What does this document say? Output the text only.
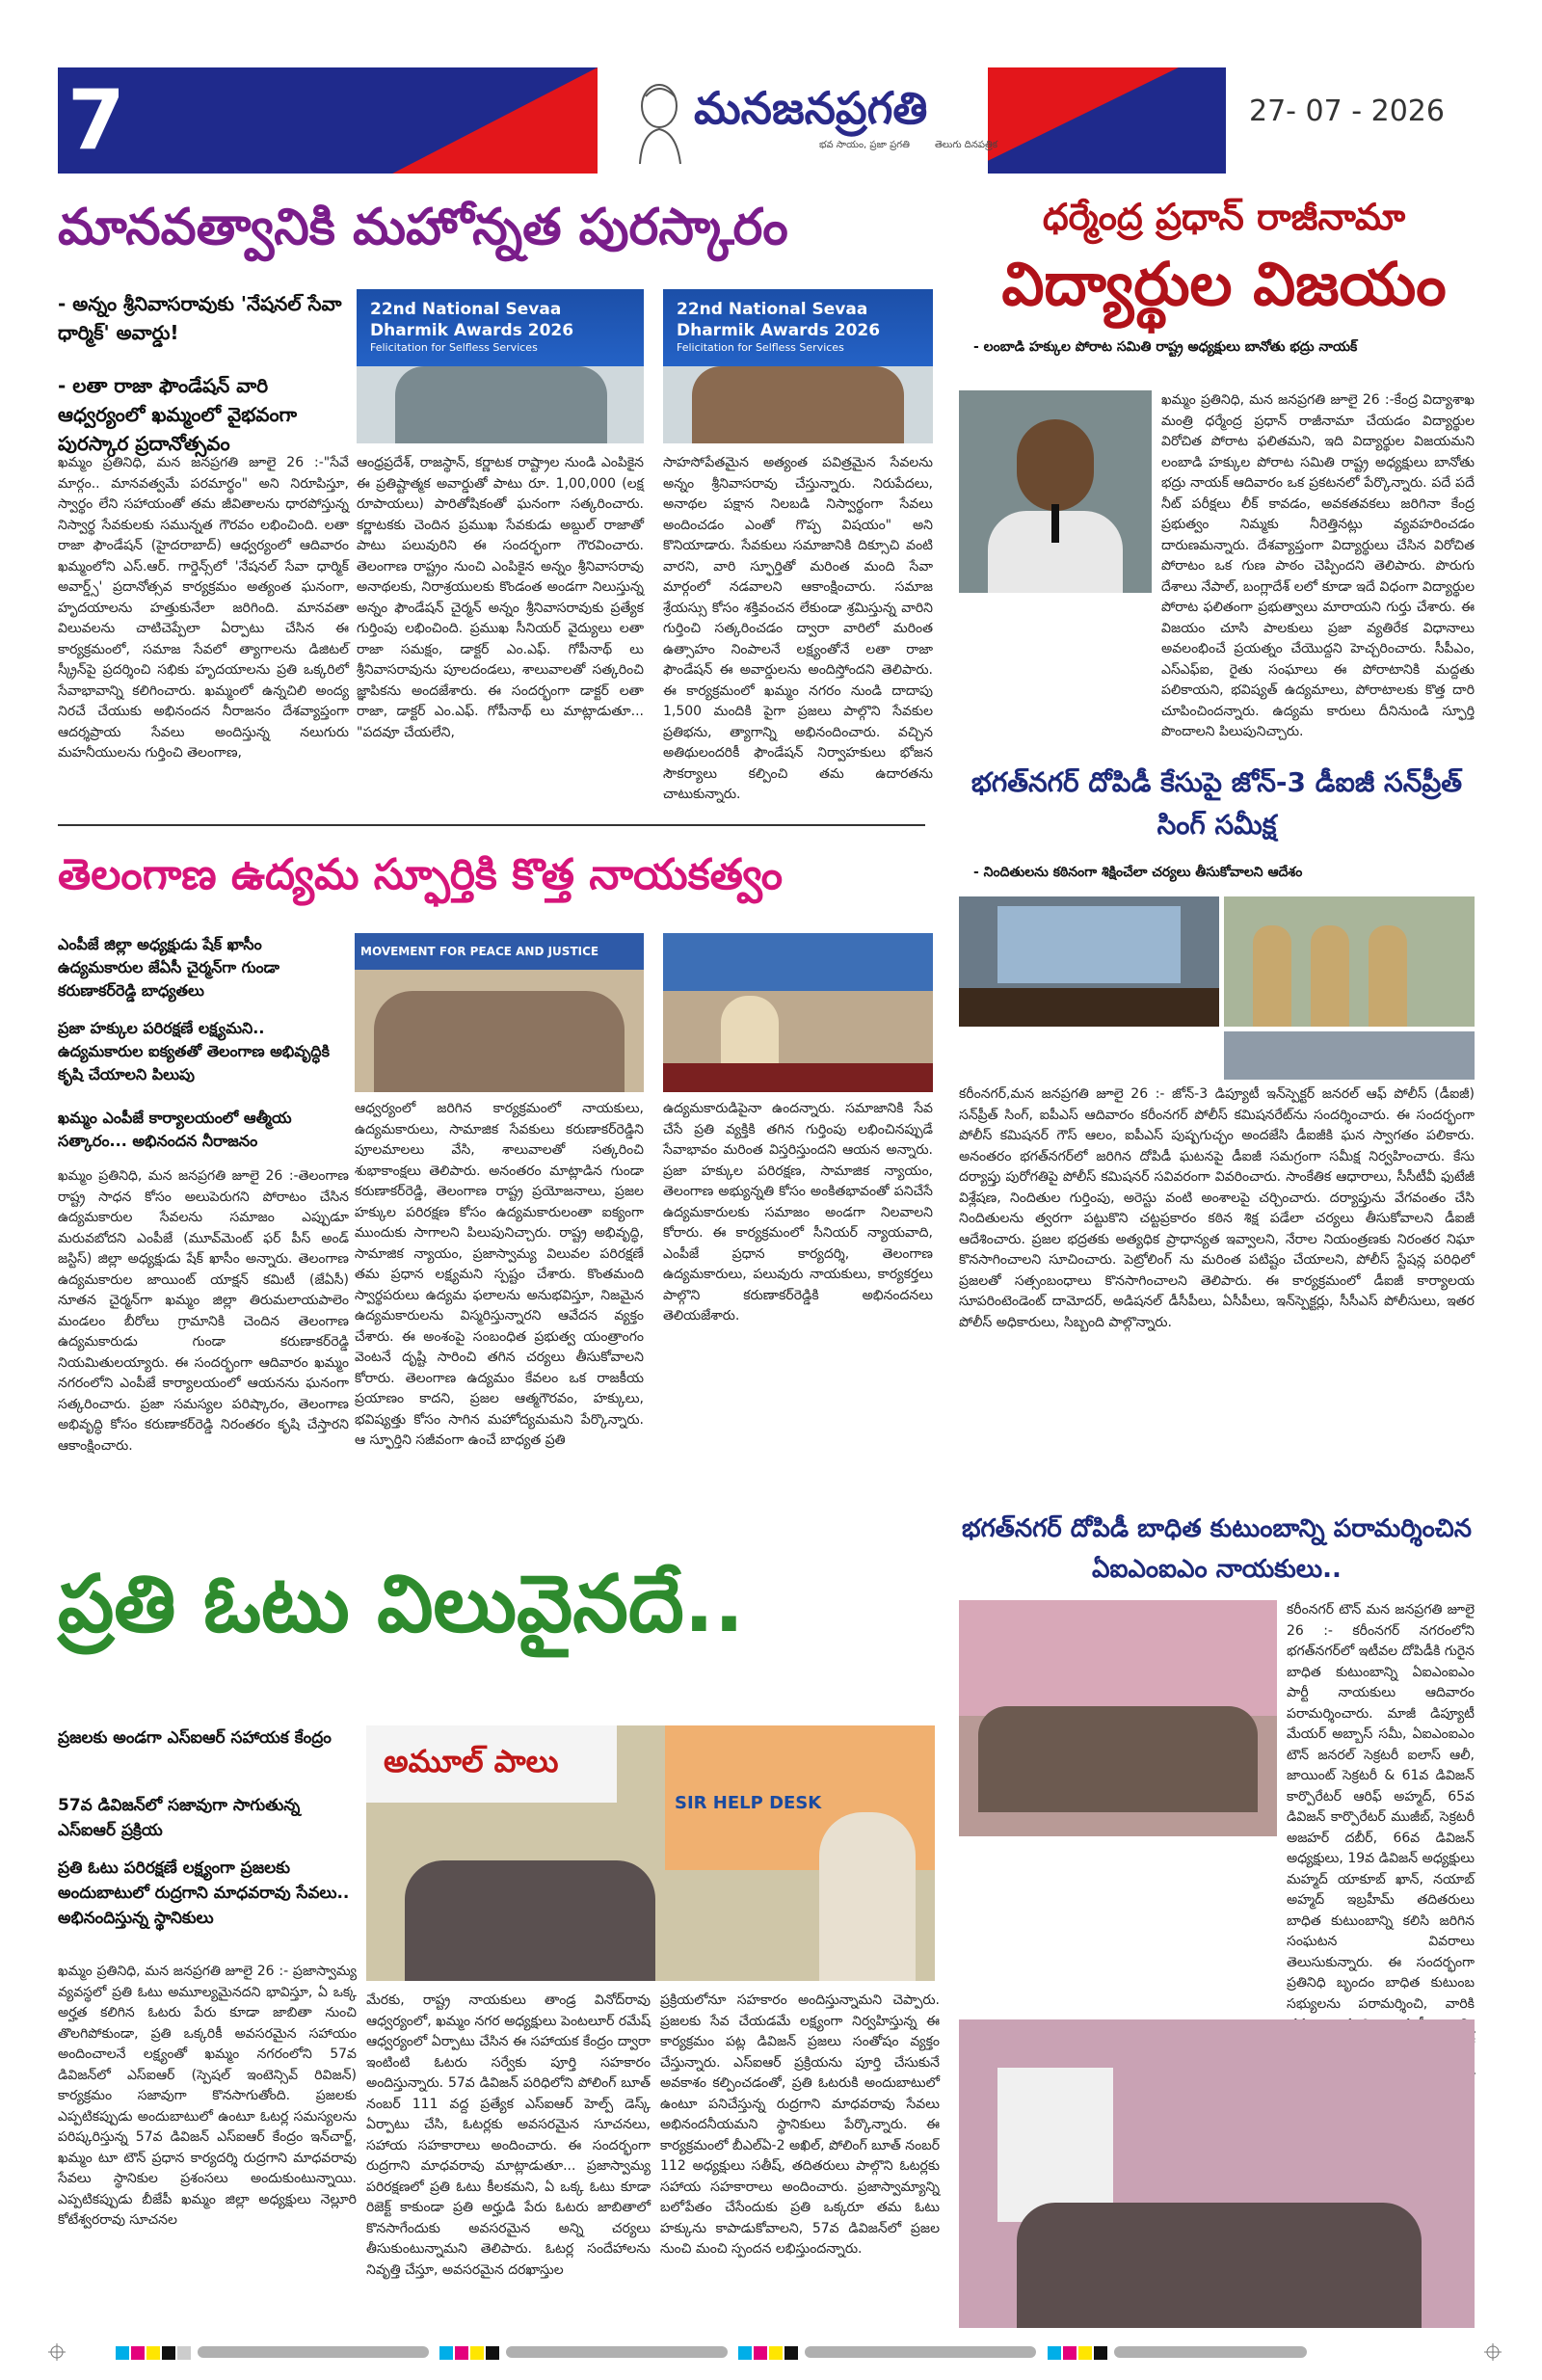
7	మనజనప్రగతి
భవ సాయం, ప్రజా ప్రగతి	తెలుగు దినపత్రిక
27- 07 - 2026
మానవత్వానికి మహోన్నత పురస్కారం
- అన్నం శ్రీనివాసరావుకు 'నేషనల్ సేవా ధార్మిక్' అవార్డు!
- లతా రాజా ఫౌండేషన్ వారి ఆధ్వర్యంలో ఖమ్మంలో వైభవంగా పురస్కార ప్రదానోత్సవం
22nd National Sevaa Dharmik Awards 2026
Felicitation for Selfless Services
22nd National Sevaa Dharmik Awards 2026
Felicitation for Selfless Services
ఖమ్మం ప్రతినిధి, మన జనప్రగతి జూలై 26 :-"సేవే మార్గం.. మానవత్వమే పరమార్థం" అని నిరూపిస్తూ, స్వార్థం లేని సహాయంతో తమ జీవితాలను ధారపోస్తున్న నిస్వార్థ సేవకులకు సమున్నత గౌరవం లభించింది. లతా రాజా ఫౌండేషన్ (హైదరాబాద్) ఆధ్వర్యంలో ఆదివారం ఖమ్మంలోని ఎస్.ఆర్. గార్డెన్స్‌లో 'నేషనల్ సేవా ధార్మిక్ అవార్డ్స్' ప్రదానోత్సవ కార్యక్రమం అత్యంత ఘనంగా, హృదయాలను హత్తుకునేలా జరిగింది. మానవతా విలువలను చాటిచెప్పేలా ఏర్పాటు చేసిన ఈ కార్యక్రమంలో, సమాజ సేవలో త్యాగాలను డిజిటల్ స్క్రీన్‌పై ప్రదర్శించి సభికు హృదయాలను ప్రతి ఒక్కరిలో సేవాభావాన్ని కలిగించారు. ఖమ్మంలో ఉన్నచిలి అంద్య నిరచే చేయుకు అభినందన నీరాజనం దేశవ్యాప్తంగా ఆదర్శప్రాయ సేవలు అందిస్తున్న నలుగురు మహనీయులను గుర్తించి తెలంగాణ,
ఆంధ్రప్రదేశ్, రాజస్థాన్, కర్ణాటక రాష్ట్రాల నుండి ఎంపికైన ఈ ప్రతిష్టాత్మక అవార్డుతో పాటు రూ. 1,00,000 (లక్ష రూపాయలు) పారితోషికంతో ఘనంగా సత్కరించారు. కర్ణాటకకు చెందిన ప్రముఖ సేవకుడు అబ్దుల్ రాజాతో పాటు పలువురిని ఈ సందర్భంగా గౌరవించారు. తెలంగాణ రాష్ట్రం నుంచి ఎంపికైన అన్నం శ్రీనివాసరావు అనాథలకు, నిరాశ్రయులకు కొండంత అండగా నిలుస్తున్న అన్నం ఫౌండేషన్ చైర్మన్ అన్నం శ్రీనివాసరావుకు ప్రత్యేక గుర్తింపు లభించింది. ప్రముఖ సీనియర్ వైద్యులు లతా రాజా సమక్షం, డాక్టర్ ఎం.ఎఫ్. గోపీనాథ్ లు శ్రీనివాసరావును పూలదండలు, శాలువాలతో సత్కరించి జ్ఞాపికను అందజేశారు. ఈ సందర్భంగా డాక్టర్ లతా రాజా, డాక్టర్ ఎం.ఎఫ్. గోపీనాథ్ లు మాట్లాడుతూ... "పదవూ చేయలేని,
సాహసోపేతమైన అత్యంత పవిత్రమైన సేవలను అన్నం శ్రీనివాసరావు చేస్తున్నారు. నిరుపేదలు, అనాథల పక్షాన నిలబడి నిస్వార్థంగా సేవలు అందించడం ఎంతో గొప్ప విషయం" అని కొనియాడారు. సేవకులు సమాజానికి దిక్సూచి వంటి వారని, వారి స్ఫూర్తితో మరింత మంది సేవా మార్గంలో నడవాలని ఆకాంక్షించారు. సమాజ శ్రేయస్సు కోసం శక్తివంచన లేకుండా శ్రమిస్తున్న వారిని గుర్తించి సత్కరించడం ద్వారా వారిలో మరింత ఉత్సాహం నింపాలనే లక్ష్యంతోనే లతా రాజా ఫౌండేషన్ ఈ అవార్డులను అందిస్తోందని తెలిపారు. ఈ కార్యక్రమంలో ఖమ్మం నగరం నుండి దాదాపు 1,500 మందికి పైగా ప్రజలు పాల్గొని సేవకుల ప్రతిభను, త్యాగాన్ని అభినందించారు. వచ్చిన అతిథులందరికీ ఫౌండేషన్ నిర్వాహకులు భోజన సౌకర్యాలు కల్పించి తమ ఉదారతను చాటుకున్నారు.
ధర్మేంద్ర ప్రధాన్ రాజీనామా
విద్యార్థుల విజయం
- లంబాడి హక్కుల పోరాట సమితి రాష్ట్ర అధ్యక్షులు బానోతు భద్రు నాయక్
ఖమ్మం ప్రతినిధి, మన జనప్రగతి జూలై 26 :-కేంద్ర విద్యాశాఖ మంత్రి ధర్మేంద్ర ప్రధాన్ రాజీనామా చేయడం విద్యార్థుల విరోచిత పోరాట ఫలితమని, ఇది విద్యార్థుల విజయమని లంబాడి హక్కుల పోరాట సమితి రాష్ట్ర అధ్యక్షులు బానోతు భద్రు నాయక్ ఆదివారం ఒక ప్రకటనలో పేర్కొన్నారు. పదే పదే నీట్ పరీక్షలు లీక్ కావడం, అవకతవకలు జరిగినా కేంద్ర ప్రభుత్వం నిమ్మకు నీరెత్తినట్లు వ్యవహరించడం దారుణమన్నారు. దేశవ్యాప్తంగా విద్యార్థులు చేసిన విరోచిత పోరాటం ఒక గుణ పాఠం చెప్పిందని తెలిపారు. పొరుగు దేశాలు నేపాల్, బంగ్లాదేశ్ లలో కూడా ఇదే విధంగా విద్యార్థుల పోరాట ఫలితంగా ప్రభుత్వాలు మారాయని గుర్తు చేశారు. ఈ విజయం చూసి పాలకులు ప్రజా వ్యతిరేక విధానాలు అవలంభించే ప్రయత్నం చేయొద్దని హెచ్చరించారు. సీపీఎం, ఎస్ఎఫ్ఐ, రైతు సంఘాలు ఈ పోరాటానికి మద్దతు పలికాయని, భవిష్యత్ ఉద్యమాలు, పోరాటాలకు కొత్త దారి చూపించిందన్నారు. ఉద్యమ కారులు దీనినుండి స్ఫూర్తి పొందాలని పిలుపునిచ్చారు.
తెలంగాణ ఉద్యమ స్ఫూర్తికి కొత్త నాయకత్వం
ఎంపీజే జిల్లా అధ్యక్షుడు షేక్ ఖాసీం ఉద్యమకారుల జేఏసీ చైర్మన్‌గా గుండా కరుణాకర్‌రెడ్డి బాధ్యతలు
ప్రజా హక్కుల పరిరక్షణే లక్ష్యమని.. ఉద్యమకారుల ఐక్యతతో తెలంగాణ అభివృద్ధికి కృషి చేయాలని పిలుపు
ఖమ్మం ఎంపీజే కార్యాలయంలో ఆత్మీయ సత్కారం... అభినందన నీరాజనం
MOVEMENT FOR PEACE AND JUSTICE
ఖమ్మం ప్రతినిధి, మన జనప్రగతి జూలై 26 :-తెలంగాణ రాష్ట్ర సాధన కోసం అలుపెరుగని పోరాటం చేసిన ఉద్యమకారుల సేవలను సమాజం ఎప్పుడూ మరువబోదని ఎంపీజే (మూవ్‌మెంట్ ఫర్ పీస్ అండ్ జస్టిస్) జిల్లా అధ్యక్షుడు షేక్ ఖాసీం అన్నారు. తెలంగాణ ఉద్యమకారుల జాయింట్ యాక్షన్ కమిటీ (జేఏసీ) నూతన చైర్మన్‌గా ఖమ్మం జిల్లా తిరుమలాయపాలెం మండలం బీరోలు గ్రామానికి చెందిన తెలంగాణ ఉద్యమకారుడు గుండా కరుణాకర్‌రెడ్డి నియమితులయ్యారు. ఈ సందర్భంగా ఆదివారం ఖమ్మం నగరంలోని ఎంపీజే కార్యాలయంలో ఆయనను ఘనంగా సత్కరించారు. ప్రజా సమస్యల పరిష్కారం, తెలంగాణ అభివృద్ధి కోసం కరుణాకర్‌రెడ్డి నిరంతరం కృషి చేస్తారని ఆకాంక్షించారు.
ఆధ్వర్యంలో జరిగిన కార్యక్రమంలో నాయకులు, ఉద్యమకారులు, సామాజిక సేవకులు కరుణాకర్‌రెడ్డిని పూలమాలలు వేసి, శాలువాలతో సత్కరించి శుభాకాంక్షలు తెలిపారు. అనంతరం మాట్లాడిన గుండా కరుణాకర్‌రెడ్డి, తెలంగాణ రాష్ట్ర ప్రయోజనాలు, ప్రజల హక్కుల పరిరక్షణ కోసం ఉద్యమకారులంతా ఐక్యంగా ముందుకు సాగాలని పిలుపునిచ్చారు. రాష్ట్ర అభివృద్ధి, సామాజిక న్యాయం, ప్రజాస్వామ్య విలువల పరిరక్షణే తమ ప్రధాన లక్ష్యమని స్పష్టం చేశారు. కొంతమంది స్వార్థపరులు ఉద్యమ ఫలాలను అనుభవిస్తూ, నిజమైన ఉద్యమకారులను విస్మరిస్తున్నారని ఆవేదన వ్యక్తం చేశారు. ఈ అంశంపై సంబంధిత ప్రభుత్వ యంత్రాంగం వెంటనే దృష్టి సారించి తగిన చర్యలు తీసుకోవాలని కోరారు. తెలంగాణ ఉద్యమం కేవలం ఒక రాజకీయ ప్రయాణం కాదని, ప్రజల ఆత్మగౌరవం, హక్కులు, భవిష్యత్తు కోసం సాగిన మహోద్యమమని పేర్కొన్నారు. ఆ స్ఫూర్తిని సజీవంగా ఉంచే బాధ్యత ప్రతి
ఉద్యమకారుడిపైనా ఉందన్నారు. సమాజానికి సేవ చేసే ప్రతి వ్యక్తికి తగిన గుర్తింపు లభించినప్పుడే సేవాభావం మరింత విస్తరిస్తుందని ఆయన అన్నారు. ప్రజా హక్కుల పరిరక్షణ, సామాజిక న్యాయం, తెలంగాణ అభ్యున్నతి కోసం అంకితభావంతో పనిచేసే ఉద్యమకారులకు సమాజం అండగా నిలవాలని కోరారు. ఈ కార్యక్రమంలో సీనియర్ న్యాయవాది, ఎంపీజే ప్రధాన కార్యదర్శి, తెలంగాణ ఉద్యమకారులు, పలువురు నాయకులు, కార్యకర్తలు పాల్గొని కరుణాకర్‌రెడ్డికి అభినందనలు తెలియజేశారు.
భగత్‌నగర్ దోపిడీ కేసుపై జోన్-3 డీఐజీ సన్‌ప్రీత్ సింగ్ సమీక్ష
- నిందితులను కఠినంగా శిక్షించేలా చర్యలు తీసుకోవాలని ఆదేశం
కరీంనగర్,మన జనప్రగతి జూలై 26 :- జోన్-3 డిప్యూటీ ఇన్‌స్పెక్టర్ జనరల్ ఆఫ్ పోలీస్ (డీఐజీ) సన్‌ప్రీత్ సింగ్, ఐపీఎస్ ఆదివారం కరీంనగర్ పోలీస్ కమిషనరేట్‌ను సందర్శించారు. ఈ సందర్భంగా పోలీస్ కమిషనర్ గౌస్ ఆలం, ఐపీఎస్ పుష్పగుచ్ఛం అందజేసి డీఐజీకి ఘన స్వాగతం పలికారు. అనంతరం భగత్‌నగర్‌లో జరిగిన దోపిడీ ఘటనపై డీఐజీ సమగ్రంగా సమీక్ష నిర్వహించారు. కేసు దర్యాప్తు పురోగతిపై పోలీస్ కమిషనర్ సవివరంగా వివరించారు. సాంకేతిక ఆధారాలు, సీసీటీవీ ఫుటేజీ విశ్లేషణ, నిందితుల గుర్తింపు, అరెస్టు వంటి అంశాలపై చర్చించారు. దర్యాప్తును వేగవంతం చేసి నిందితులను త్వరగా పట్టుకొని చట్టప్రకారం కఠిన శిక్ష పడేలా చర్యలు తీసుకోవాలని డీఐజీ ఆదేశించారు. ప్రజల భద్రతకు అత్యధిక ప్రాధాన్యత ఇవ్వాలని, నేరాల నియంత్రణకు నిరంతర నిఘా కొనసాగించాలని సూచించారు. పెట్రోలింగ్ ను మరింత పటిష్టం చేయాలని, పోలీస్ స్టేషన్ల పరిధిలో ప్రజలతో సత్సంబంధాలు కొనసాగించాలని తెలిపారు. ఈ కార్యక్రమంలో డీఐజీ కార్యాలయ సూపరింటెండెంట్ దామోదర్, అడిషనల్ డీసీపీలు, ఏసీపీలు, ఇన్‌స్పెక్టర్లు, సీసీఎస్ పోలీసులు, ఇతర పోలీస్ అధికారులు, సిబ్బంది పాల్గొన్నారు.
భగత్‌నగర్ దోపిడీ బాధిత కుటుంబాన్ని పరామర్శించిన ఏఐఎంఐఎం నాయకులు..
కరీంనగర్ టౌన్ మన జనప్రగతి జూలై 26 :- కరీంనగర్ నగరంలోని భగత్‌నగర్‌లో ఇటీవల దోపిడీకి గురైన బాధిత కుటుంబాన్ని ఏఐఎంఐఎం పార్టీ నాయకులు ఆదివారం పరామర్శించారు. మాజీ డిప్యూటీ మేయర్ అబ్బాస్ సమీ, ఏఐఎంఐఎం టౌన్ జనరల్ సెక్రటరీ ఐలాస్ ఆలీ, జాయింట్ సెక్రటరీ & 61వ డివిజన్ కార్పొరేటర్ ఆరిఫ్ అహ్మద్, 65వ డివిజన్ కార్పొరేటర్ ముజీబ్, సెక్రటరీ అజహర్ దబీర్, 66వ డివిజన్ అధ్యక్షులు, 19వ డివిజన్ అధ్యక్షులు మహ్మద్ యాకూబ్ ఖాన్, నయాబ్ అహ్మద్ ఇబ్రహీమ్ తదితరులు బాధిత కుటుంబాన్ని కలిసి జరిగిన సంఘటన వివరాలు తెలుసుకున్నారు. ఈ సందర్భంగా ప్రతినిధి బృందం బాధిత కుటుంబ సభ్యులను పరామర్శించి, వారికి
ప్రతి ఓటు విలువైనదే..
ప్రజలకు అండగా ఎస్ఐఆర్ సహాయక కేంద్రం
57వ డివిజన్‌లో సజావుగా సాగుతున్న ఎస్ఐఆర్ ప్రక్రియ
ప్రతి ఓటు పరిరక్షణే లక్ష్యంగా ప్రజలకు అందుబాటులో రుద్రగాని మాధవరావు సేవలు.. అభినందిస్తున్న స్థానికులు
అమూల్ పాలు
SIR HELP DESK
ఖమ్మం ప్రతినిధి, మన జనప్రగతి జూలై 26 :- ప్రజాస్వామ్య వ్యవస్థలో ప్రతి ఓటు అమూల్యమైనదని భావిస్తూ, ఏ ఒక్క అర్హత కలిగిన ఓటరు పేరు కూడా జాబితా నుంచి తొలగిపోకుండా, ప్రతి ఒక్కరికీ అవసరమైన సహాయం అందించాలనే లక్ష్యంతో ఖమ్మం నగరంలోని 57వ డివిజన్‌లో ఎస్ఐఆర్ (స్పెషల్ ఇంటెన్సివ్ రివిజన్) కార్యక్రమం సజావుగా కొనసాగుతోంది. ప్రజలకు ఎప్పటికప్పుడు అందుబాటులో ఉంటూ ఓటర్ల సమస్యలను పరిష్కరిస్తున్న 57వ డివిజన్ ఎస్ఐఆర్ కేంద్రం ఇన్‌చార్జ్, ఖమ్మం టూ టౌన్ ప్రధాన కార్యదర్శి రుద్రగాని మాధవరావు సేవలు స్థానికుల ప్రశంసలు అందుకుంటున్నాయి. ఎప్పటికప్పుడు బీజేపీ ఖమ్మం జిల్లా అధ్యక్షులు నెల్లూరి కోటేశ్వరరావు సూచనల
మేరకు, రాష్ట్ర నాయకులు తాండ్ర వినోద్‌రావు ఆధ్వర్యంలో, ఖమ్మం నగర అధ్యక్షులు పెంటలూర్ రమేష్ ఆధ్వర్యంలో ఏర్పాటు చేసిన ఈ సహాయక కేంద్రం ద్వారా ఇంటింటి ఓటరు సర్వేకు పూర్తి సహకారం అందిస్తున్నారు. 57వ డివిజన్ పరిధిలోని పోలింగ్ బూత్ నంబర్ 111 వద్ద ప్రత్యేక ఎస్ఐఆర్ హెల్ప్ డెస్క్ ఏర్పాటు చేసి, ఓటర్లకు అవసరమైన సూచనలు, సహాయ సహకారాలు అందించారు. ఈ సందర్భంగా రుద్రగాని మాధవరావు మాట్లాడుతూ... ప్రజాస్వామ్య పరిరక్షణలో ప్రతి ఓటు కీలకమని, ఏ ఒక్క ఓటు కూడా రిజెక్ట్ కాకుండా ప్రతి అర్హుడి పేరు ఓటరు జాబితాలో కొనసాగేందుకు అవసరమైన అన్ని చర్యలు తీసుకుంటున్నామని తెలిపారు. ఓటర్ల సందేహాలను నివృత్తి చేస్తూ, అవసరమైన దరఖాస్తుల
ప్రక్రియలోనూ సహకారం అందిస్తున్నామని చెప్పారు. ప్రజలకు సేవ చేయడమే లక్ష్యంగా నిర్వహిస్తున్న ఈ కార్యక్రమం పట్ల డివిజన్ ప్రజలు సంతోషం వ్యక్తం చేస్తున్నారు. ఎస్ఐఆర్ ప్రక్రియను పూర్తి చేసుకునే అవకాశం కల్పించడంతో, ప్రతి ఓటరుకి అందుబాటులో ఉంటూ పనిచేస్తున్న రుద్రగాని మాధవరావు సేవలు అభినందనీయమని స్థానికులు పేర్కొన్నారు. ఈ కార్యక్రమంలో బీఎల్ఏ-2 అఖిల్, పోలింగ్ బూత్ నంబర్ 112 అధ్యక్షులు సతీష్, తదితరులు పాల్గొని ఓటర్లకు సహాయ సహకారాలు అందించారు. ప్రజాస్వామ్యాన్ని బలోపేతం చేసేందుకు ప్రతి ఒక్కరూ తమ ఓటు హక్కును కాపాడుకోవాలని, 57వ డివిజన్‌లో ప్రజల నుంచి మంచి స్పందన లభిస్తుందన్నారు.
